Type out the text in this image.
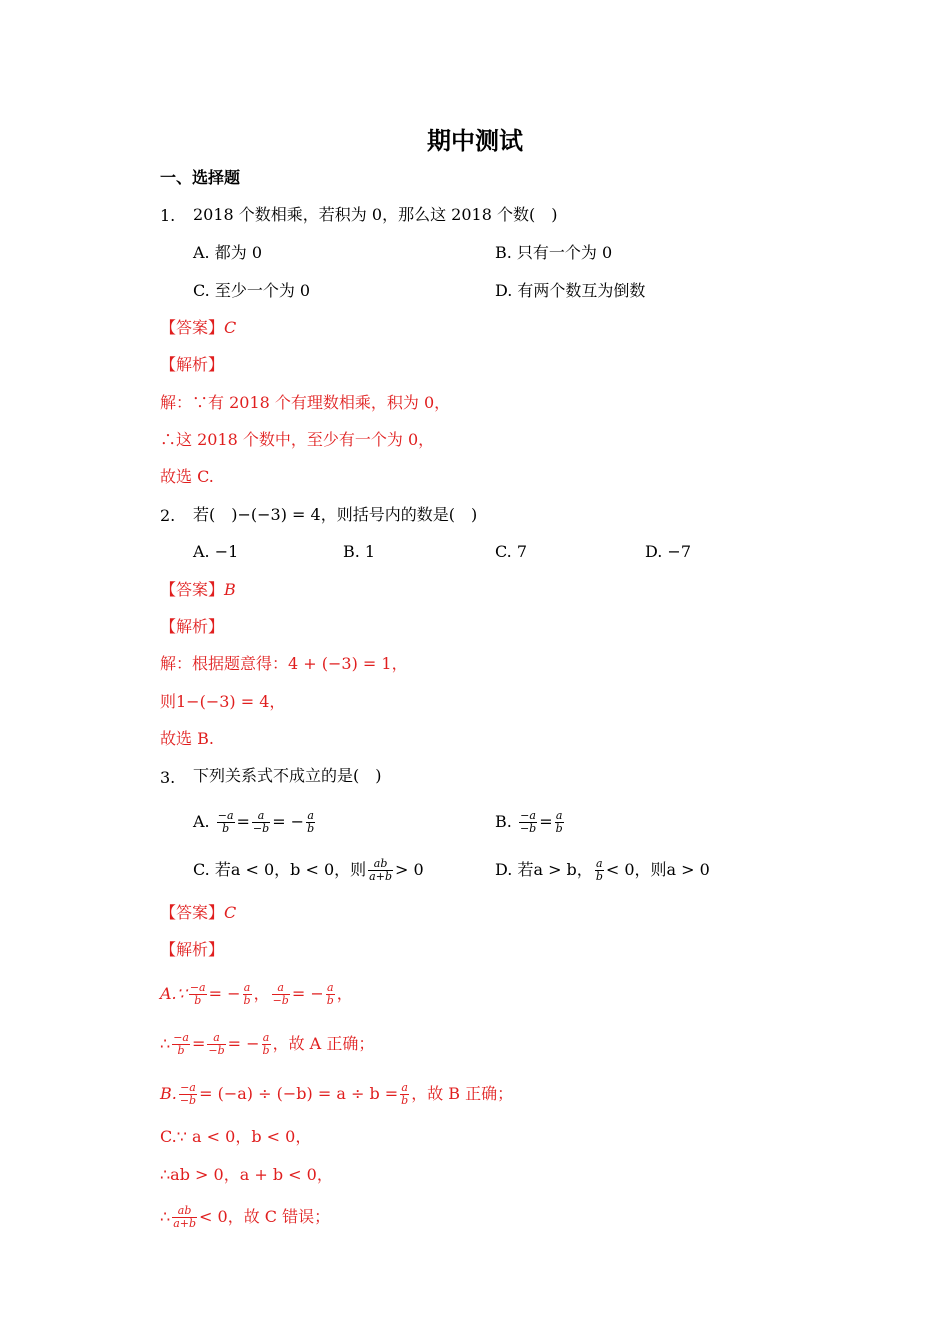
期中测试
一、选择题
1. 2018 个数相乘，若积为 0，那么这 2018 个数(　)
A. 都为 0	B. 只有一个为 0
C. 至少一个为 0	D. 有两个数互为倒数
【答案】C
【解析】
解：∵有 2018 个有理数相乘，积为 0，
∴这 2018 个数中，至少有一个为 0，
故选 C.
2. 若(　)−(−3) = 4，则括号内的数是(　)
A. −1	B. 1	C. 7	D. −7
【答案】B
【解析】
解：根据题意得：4 + (−3) = 1，
则1−(−3) = 4，
故选 B.
3. 下列关系式不成立的是(　)
A. $\frac{-a}{b} = \frac{a}{-b}$ = − $\frac{a}{b}$	B. $\frac{-a}{-b} = \frac{a}{b}$
C. 若a < 0，b < 0，则 $\frac{ab}{a+b} > 0$	D. 若a > b， $\frac{a}{b} < 0$，则a > 0
【答案】C
【解析】
A.∵ $\frac{-a}{b}$ = − $\frac{a}{b}$ ， $\frac{a}{-b}$ = − $\frac{a}{b}$ ，
∴ $\frac{-a}{b} = \frac{a}{-b}$ = − $\frac{a}{b}$ ，故 A 正确；
B. $\frac{-a}{-b} = (-a) \div (-b) = a \div b = \frac{a}{b}$ ，故 B 正确；
C.∵ a < 0，b < 0，
∴ab > 0，a + b < 0，
∴ $\frac{ab}{a+b} < 0$，故 C 错误；
